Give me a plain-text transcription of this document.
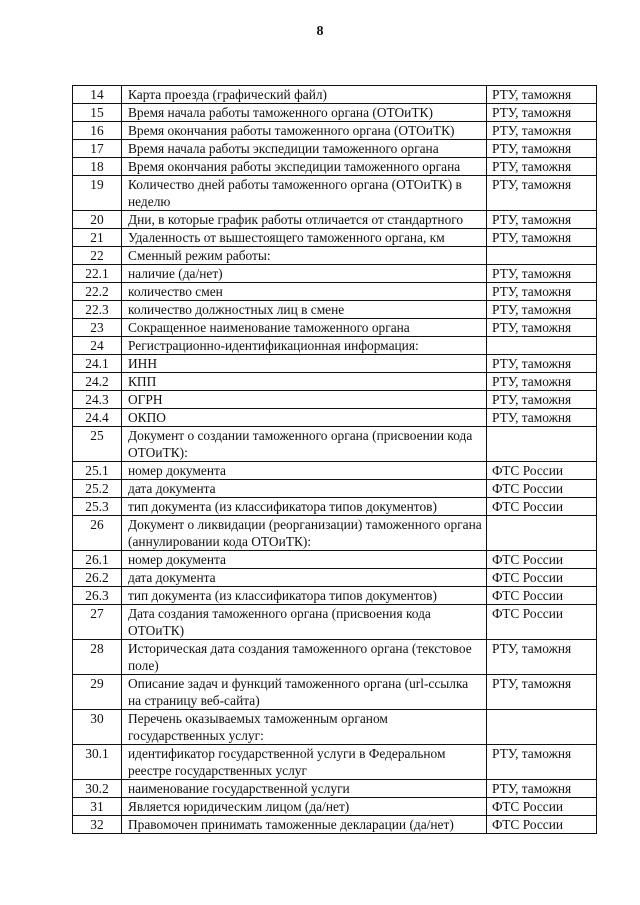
8
14	Карта проезда (графический файл)	РТУ, таможня
15	Время начала работы таможенного органа (ОТОиТК)	РТУ, таможня
16	Время окончания работы таможенного органа (ОТОиТК)	РТУ, таможня
17	Время начала работы экспедиции таможенного органа	РТУ, таможня
18	Время окончания работы экспедиции таможенного органа	РТУ, таможня
19	Количество дней работы таможенного органа (ОТОиТК) в неделю	РТУ, таможня
20	Дни, в которые график работы отличается от стандартного	РТУ, таможня
21	Удаленность от вышестоящего таможенного органа, км	РТУ, таможня
22	Сменный режим работы:	
22.1	наличие (да/нет)	РТУ, таможня
22.2	количество смен	РТУ, таможня
22.3	количество должностных лиц в смене	РТУ, таможня
23	Сокращенное наименование таможенного органа	РТУ, таможня
24	Регистрационно-идентификационная информация:	
24.1	ИНН	РТУ, таможня
24.2	КПП	РТУ, таможня
24.3	ОГРН	РТУ, таможня
24.4	ОКПО	РТУ, таможня
25	Документ о создании таможенного органа (присвоении кода ОТОиТК):	
25.1	номер документа	ФТС России
25.2	дата документа	ФТС России
25.3	тип документа (из классификатора типов документов)	ФТС России
26	Документ о ликвидации (реорганизации) таможенного органа (аннулировании кода ОТОиТК):	
26.1	номер документа	ФТС России
26.2	дата документа	ФТС России
26.3	тип документа (из классификатора типов документов)	ФТС России
27	Дата создания таможенного органа (присвоения кода ОТОиТК)	ФТС России
28	Историческая дата создания таможенного органа (текстовое поле)	РТУ, таможня
29	Описание задач и функций таможенного органа (url-ссылка на страницу веб-сайта)	РТУ, таможня
30	Перечень оказываемых таможенным органом государственных услуг:	
30.1	идентификатор государственной услуги в Федеральном реестре государственных услуг	РТУ, таможня
30.2	наименование государственной услуги	РТУ, таможня
31	Является юридическим лицом (да/нет)	ФТС России
32	Правомочен принимать таможенные декларации (да/нет)	ФТС России
